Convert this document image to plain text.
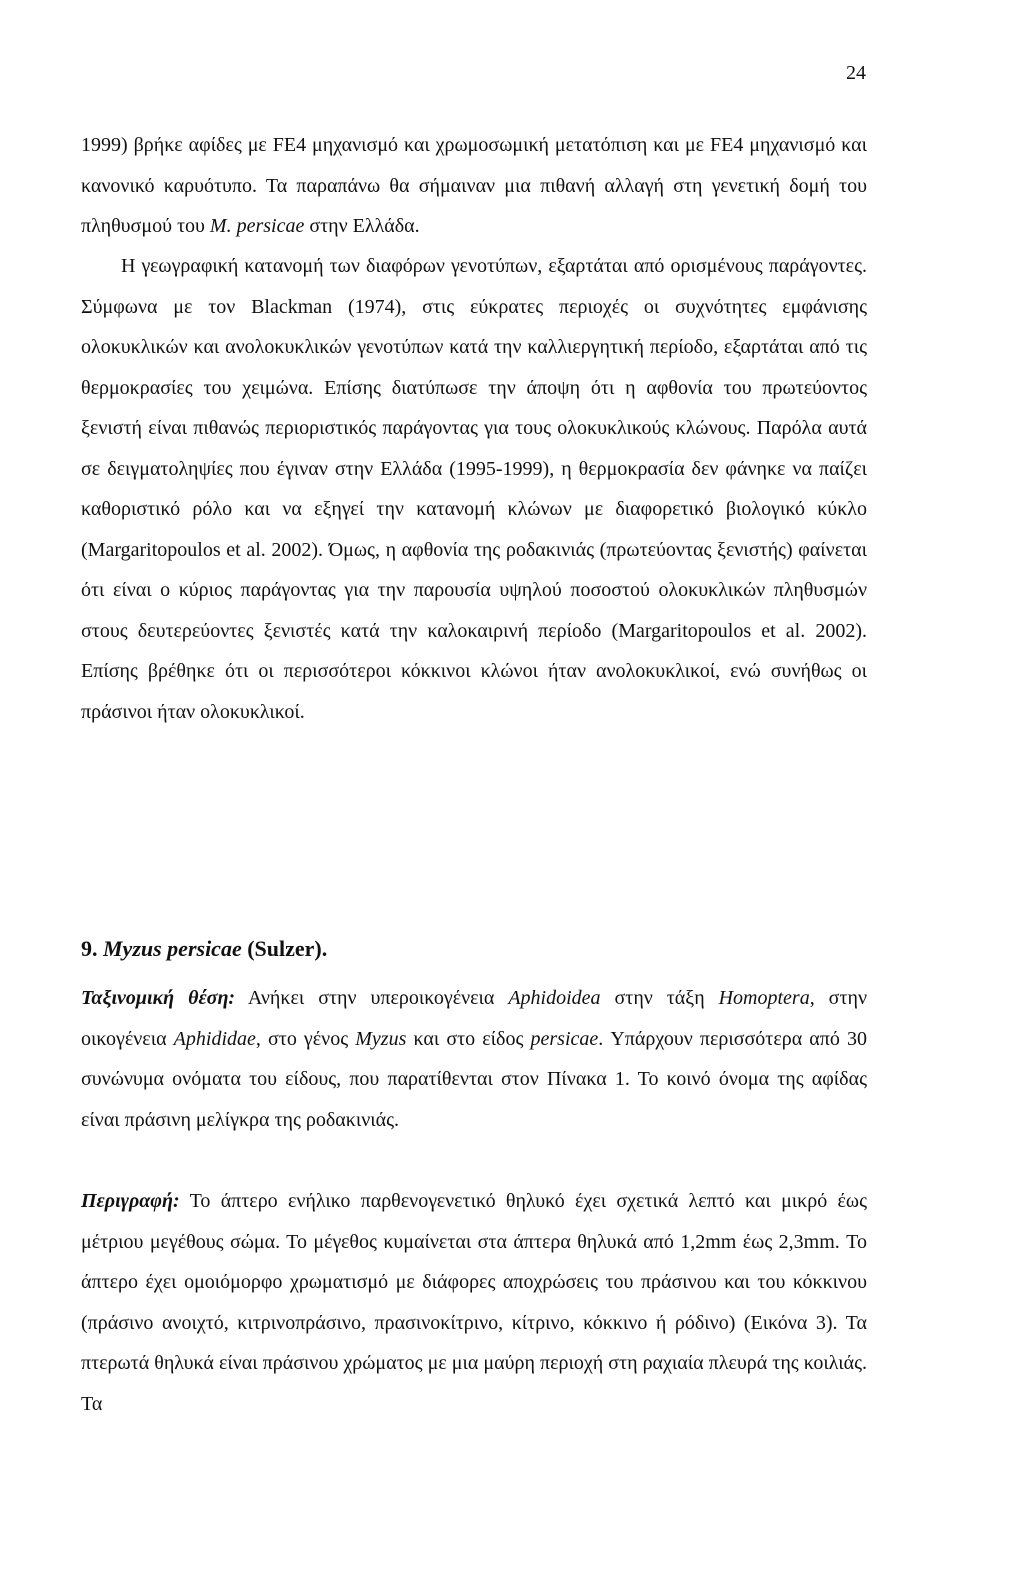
24

1999) βρήκε αφίδες με FE4 μηχανισμό και χρωμοσωμική μετατόπιση και με FE4 μηχανισμό και κανονικό καρυότυπο. Τα παραπάνω θα σήμαιναν μια πιθανή αλλαγή στη γενετική δομή του πληθυσμού του M. persicae στην Ελλάδα.

Η γεωγραφική κατανομή των διαφόρων γενοτύπων, εξαρτάται από ορισμένους παράγοντες. Σύμφωνα με τον Blackman (1974), στις εύκρατες περιοχές οι συχνότητες εμφάνισης ολοκυκλικών και ανολοκυκλικών γενοτύπων κατά την καλλιεργητική περίοδο, εξαρτάται από τις θερμοκρασίες του χειμώνα. Επίσης διατύπωσε την άποψη ότι η αφθονία του πρωτεύοντος ξενιστή είναι πιθανώς περιοριστικός παράγοντας για τους ολοκυκλικούς κλώνους. Παρόλα αυτά σε δειγματοληψίες που έγιναν στην Ελλάδα (1995-1999), η θερμοκρασία δεν φάνηκε να παίζει καθοριστικό ρόλο και να εξηγεί την κατανομή κλώνων με διαφορετικό βιολογικό κύκλο (Margaritopoulos et al. 2002). Όμως, η αφθονία της ροδακινιάς (πρωτεύοντας ξενιστής) φαίνεται ότι είναι ο κύριος παράγοντας για την παρουσία υψηλού ποσοστού ολοκυκλικών πληθυσμών στους δευτερεύοντες ξενιστές κατά την καλοκαιρινή περίοδο (Margaritopoulos et al. 2002). Επίσης βρέθηκε ότι οι περισσότεροι κόκκινοι κλώνοι ήταν ανολοκυκλικοί, ενώ συνήθως οι πράσινοι ήταν ολοκυκλικοί.

9. Myzus persicae (Sulzer).

Ταξινομική θέση: Ανήκει στην υπεροικογένεια Aphidoidea στην τάξη Homoptera, στην οικογένεια Aphididae, στο γένος Myzus και στο είδος persicae. Υπάρχουν περισσότερα από 30 συνώνυμα ονόματα του είδους, που παρατίθενται στον Πίνακα 1. Το κοινό όνομα της αφίδας είναι πράσινη μελίγκρα της ροδακινιάς.

Περιγραφή: Το άπτερο ενήλικο παρθενογενετικό θηλυκό έχει σχετικά λεπτό και μικρό έως μέτριου μεγέθους σώμα. Το μέγεθος κυμαίνεται στα άπτερα θηλυκά από 1,2mm έως 2,3mm. Το άπτερο έχει ομοιόμορφο χρωματισμό με διάφορες αποχρώσεις του πράσινου και του κόκκινου (πράσινο ανοιχτό, κιτρινοπράσινο, πρασινοκίτρινο, κίτρινο, κόκκινο ή ρόδινο) (Εικόνα 3). Τα πτερωτά θηλυκά είναι πράσινου χρώματος με μια μαύρη περιοχή στη ραχιαία πλευρά της κοιλιάς. Τα
